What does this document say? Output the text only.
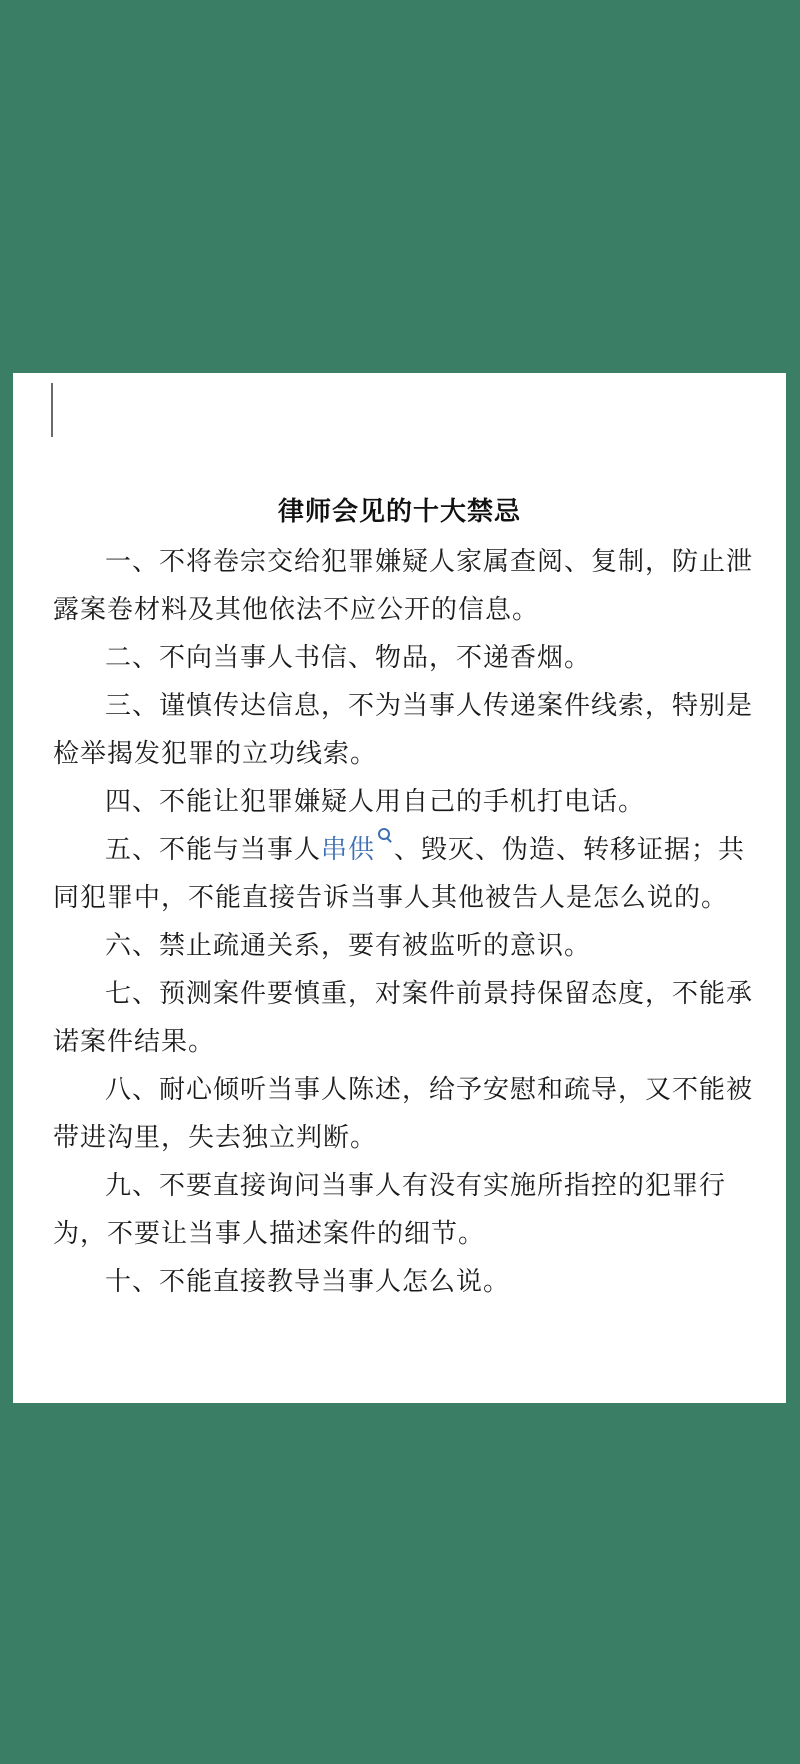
律师会见的十大禁忌

一、不将卷宗交给犯罪嫌疑人家属查阅、复制，防止泄露案卷材料及其他依法不应公开的信息。

二、不向当事人书信、物品，不递香烟。

三、谨慎传达信息，不为当事人传递案件线索，特别是检举揭发犯罪的立功线索。

四、不能让犯罪嫌疑人用自己的手机打电话。

五、不能与当事人串供 、毁灭、伪造、转移证据；共同犯罪中，不能直接告诉当事人其他被告人是怎么说的。

六、禁止疏通关系，要有被监听的意识。

七、预测案件要慎重，对案件前景持保留态度，不能承诺案件结果。

八、耐心倾听当事人陈述，给予安慰和疏导，又不能被带进沟里，失去独立判断。

九、不要直接询问当事人有没有实施所指控的犯罪行为，不要让当事人描述案件的细节。

十、不能直接教导当事人怎么说。
